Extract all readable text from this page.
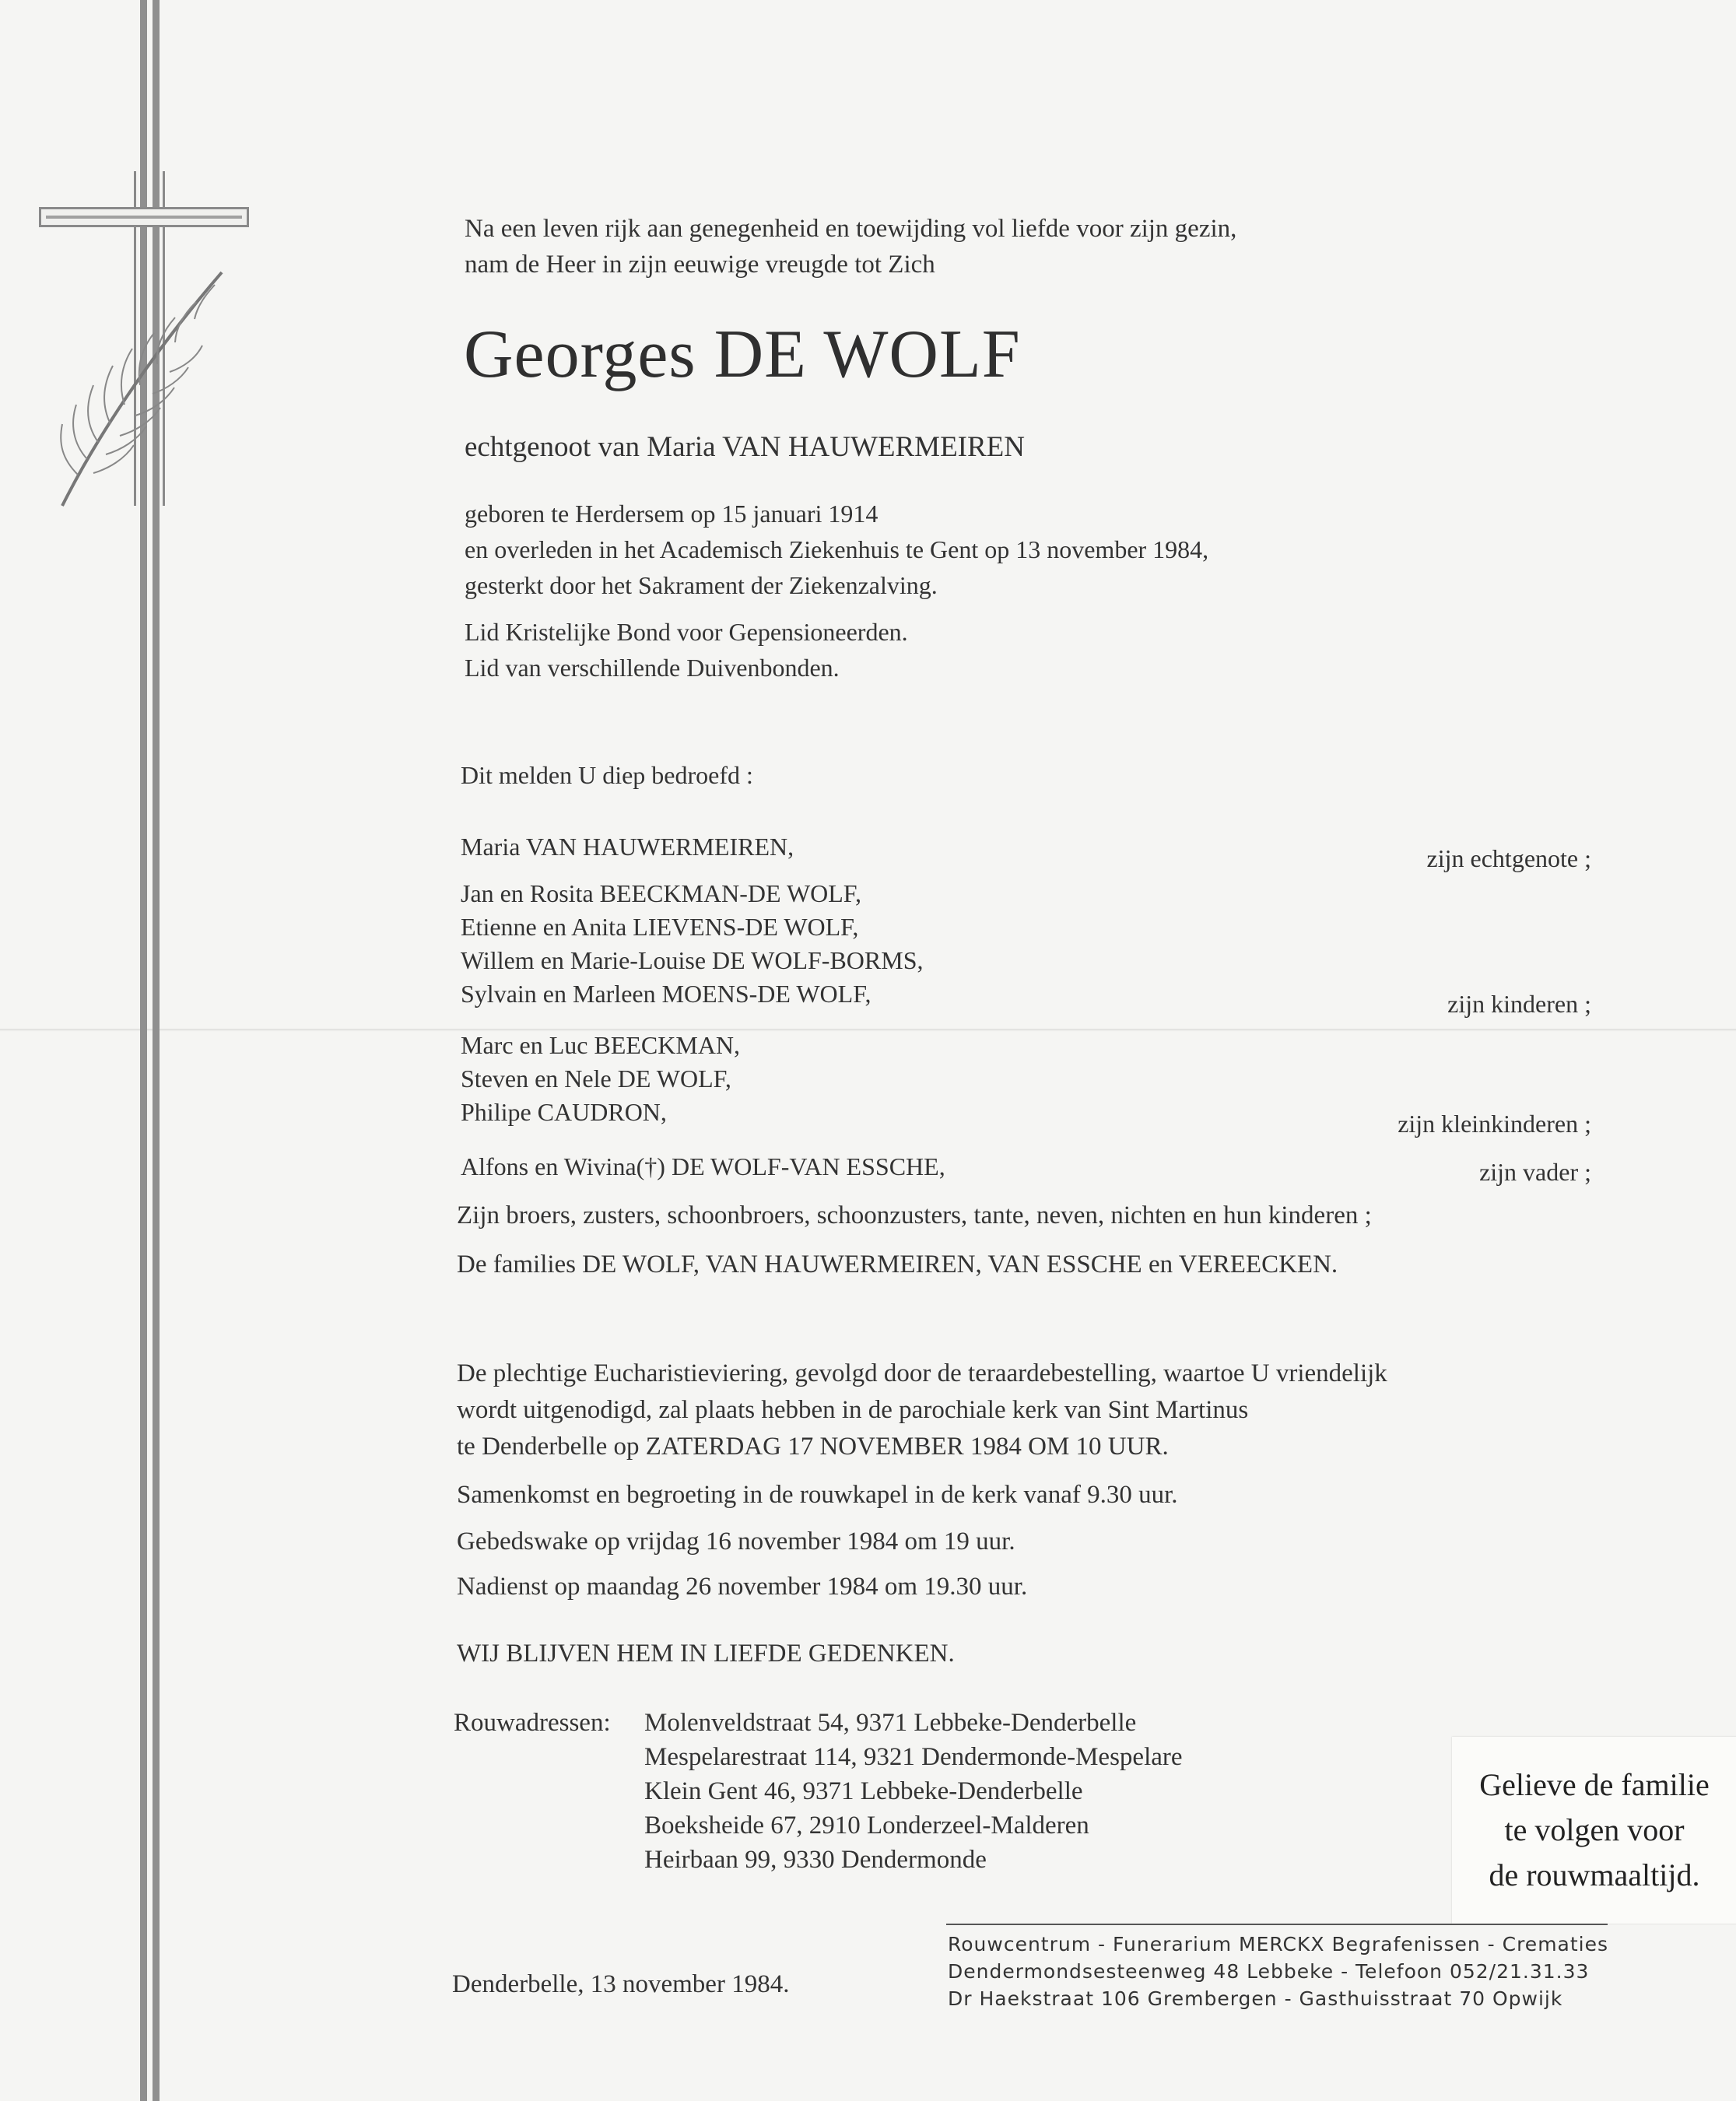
Na een leven rijk aan genegenheid en toewijding vol liefde voor zijn gezin,
nam de Heer in zijn eeuwige vreugde tot Zich
Georges DE WOLF
echtgenoot van Maria VAN HAUWERMEIREN
geboren te Herdersem op 15 januari 1914
en overleden in het Academisch Ziekenhuis te Gent op 13 november 1984,
gesterkt door het Sakrament der Ziekenzalving.
Lid Kristelijke Bond voor Gepensioneerden.
Lid van verschillende Duivenbonden.
Dit melden U diep bedroefd :
Maria VAN HAUWERMEIREN,	zijn echtgenote ;
Jan en Rosita BEECKMAN-DE WOLF,
Etienne en Anita LIEVENS-DE WOLF,
Willem en Marie-Louise DE WOLF-BORMS,
Sylvain en Marleen MOENS-DE WOLF,	zijn kinderen ;
Marc en Luc BEECKMAN,
Steven en Nele DE WOLF,
Philipe CAUDRON,	zijn kleinkinderen ;
Alfons en Wivina(†) DE WOLF-VAN ESSCHE,	zijn vader ;
Zijn broers, zusters, schoonbroers, schoonzusters, tante, neven, nichten en hun kinderen ;
De families DE WOLF, VAN HAUWERMEIREN, VAN ESSCHE en VEREECKEN.
De plechtige Eucharistieviering, gevolgd door de teraardebestelling, waartoe U vriendelijk
wordt uitgenodigd, zal plaats hebben in de parochiale kerk van Sint Martinus
te Denderbelle op ZATERDAG 17 NOVEMBER 1984 OM 10 UUR.
Samenkomst en begroeting in de rouwkapel in de kerk vanaf 9.30 uur.
Gebedswake op vrijdag 16 november 1984 om 19 uur.
Nadienst op maandag 26 november 1984 om 19.30 uur.
WIJ BLIJVEN HEM IN LIEFDE GEDENKEN.
Rouwadressen: Molenveldstraat 54, 9371 Lebbeke-Denderbelle
Mespelarestraat 114, 9321 Dendermonde-Mespelare
Klein Gent 46, 9371 Lebbeke-Denderbelle
Boeksheide 67, 2910 Londerzeel-Malderen
Heirbaan 99, 9330 Dendermonde
Gelieve de familie
te volgen voor
de rouwmaaltijd.
Denderbelle, 13 november 1984.
Rouwcentrum - Funerarium MERCKX Begrafenissen - Crematies
Dendermondsesteenweg 48 Lebbeke - Telefoon 052/21.31.33
Dr Haekstraat 106 Grembergen - Gasthuisstraat 70 Opwijk
